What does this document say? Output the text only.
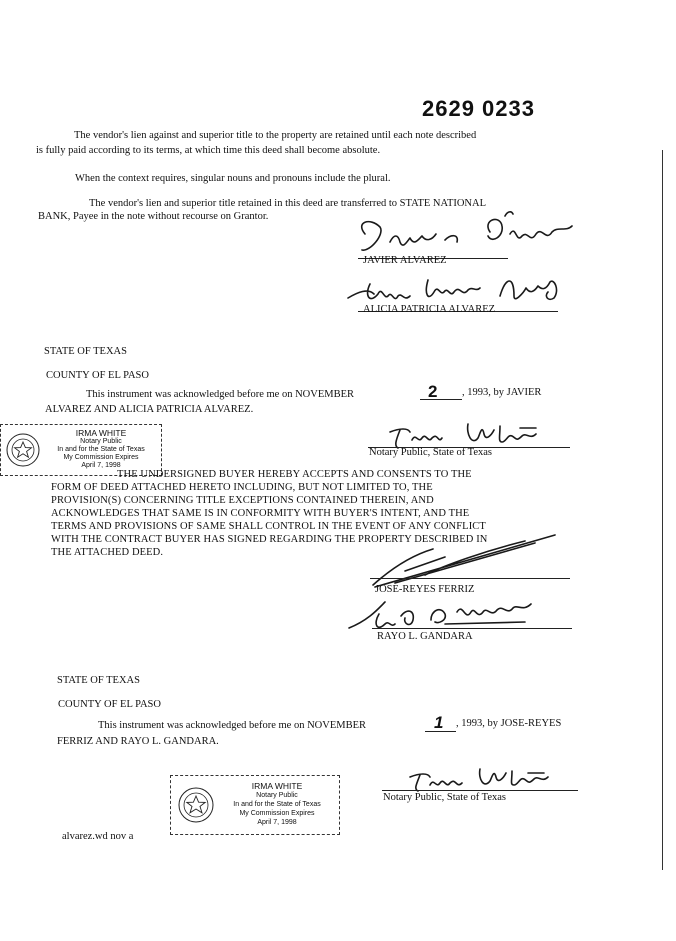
2629 0233
The vendor's lien against and superior title to the property are retained until each note described
is fully paid according to its terms, at which time this deed shall become absolute.
When the context requires, singular nouns and pronouns include the plural.
The vendor's lien and superior title retained in this deed are transferred to STATE NATIONAL
BANK, Payee in the note without recourse on Grantor.
JAVIER ALVAREZ
ALICIA PATRICIA ALVAREZ
STATE OF TEXAS
COUNTY OF EL PASO
This instrument was acknowledged before me on NOVEMBER	2 , 1993, by JAVIER
ALVAREZ AND ALICIA PATRICIA ALVAREZ.
IRMA WHITE
Notary Public
In and for the State of Texas
My Commission Expires
April 7, 1998
Notary Public, State of Texas
THE UNDERSIGNED BUYER HEREBY ACCEPTS AND CONSENTS TO THE
FORM OF DEED ATTACHED HERETO INCLUDING, BUT NOT LIMITED TO, THE
PROVISION(S) CONCERNING TITLE EXCEPTIONS CONTAINED THEREIN, AND
ACKNOWLEDGES THAT SAME IS IN CONFORMITY WITH BUYER'S INTENT, AND THE
TERMS AND PROVISIONS OF SAME SHALL CONTROL IN THE EVENT OF ANY CONFLICT
WITH THE CONTRACT BUYER HAS SIGNED REGARDING THE PROPERTY DESCRIBED IN
THE ATTACHED DEED.
JOSE-REYES FERRIZ
RAYO L. GANDARA
STATE OF TEXAS
COUNTY OF EL PASO
This instrument was acknowledged before me on NOVEMBER	1 , 1993, by JOSE-REYES
FERRIZ AND RAYO L. GANDARA.
IRMA WHITE
Notary Public
In and for the State of Texas
My Commission Expires
April 7, 1998
Notary Public, State of Texas
alvarez.wd nov a
